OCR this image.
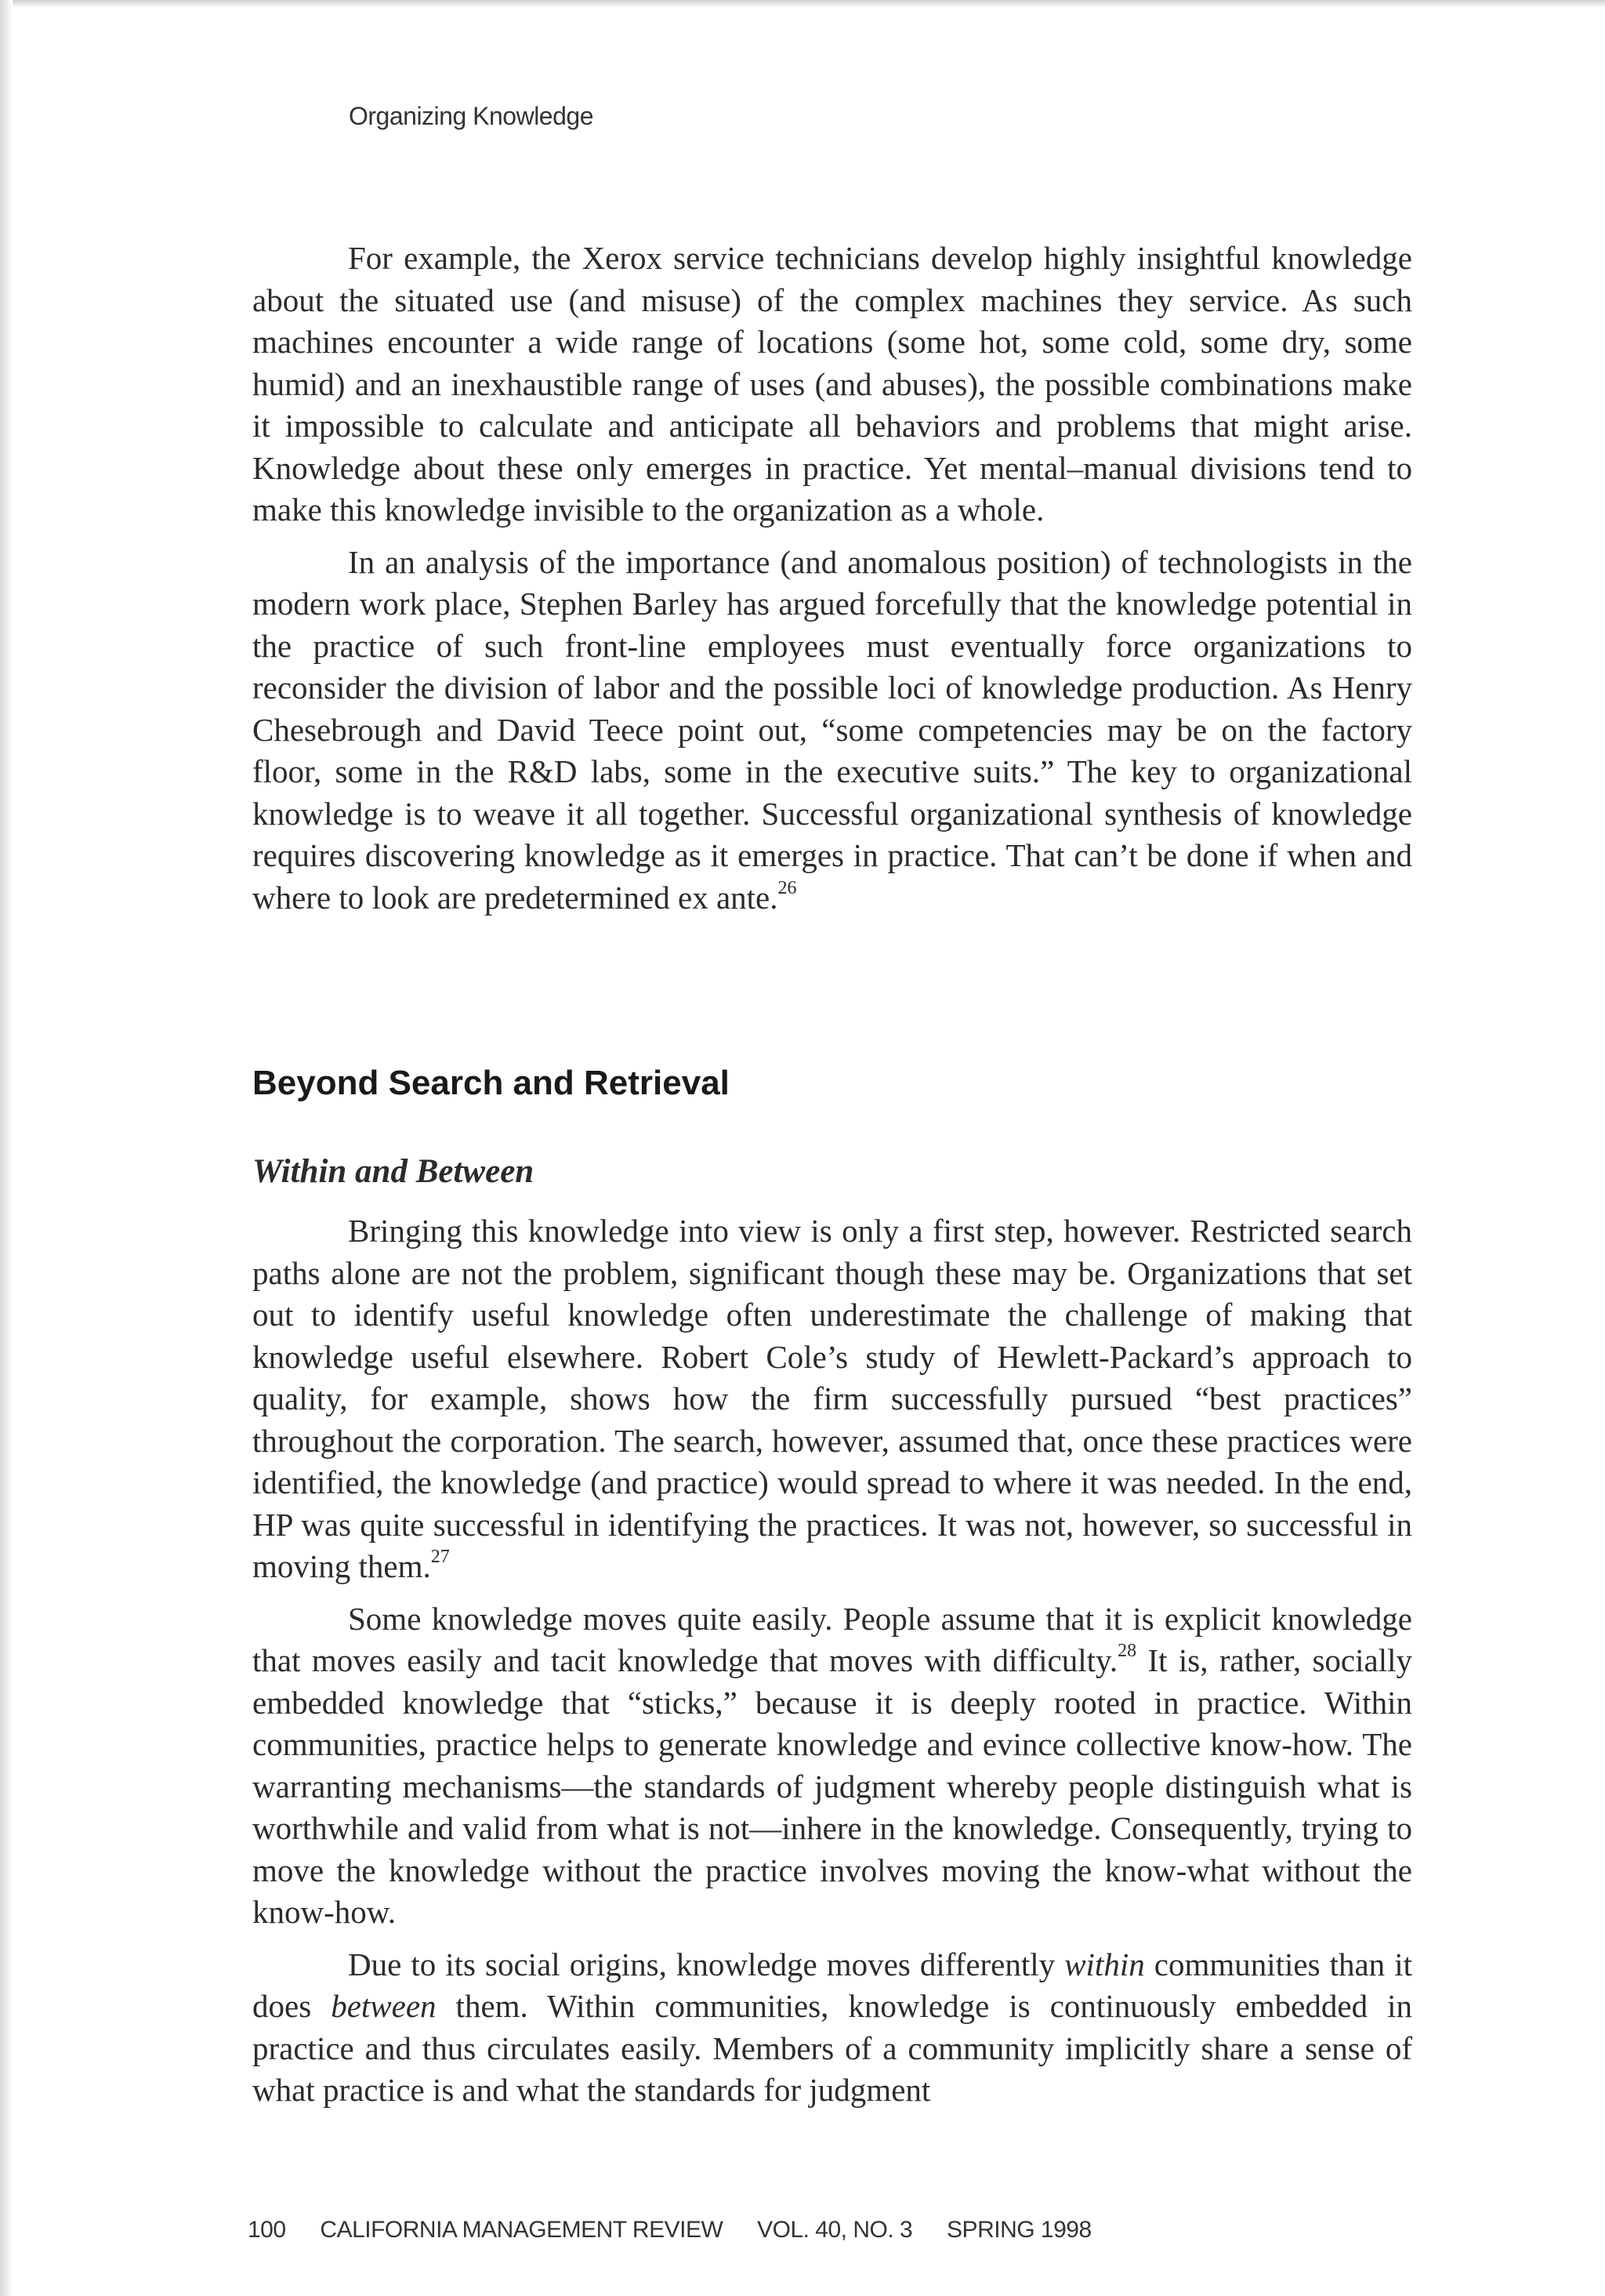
Organizing Knowledge

For example, the Xerox service technicians develop highly insightful knowledge about the situated use (and misuse) of the complex machines they service. As such machines encounter a wide range of locations (some hot, some cold, some dry, some humid) and an inexhaustible range of uses (and abuses), the possible combinations make it impossible to calculate and anticipate all behaviors and problems that might arise. Knowledge about these only emerges in practice. Yet mental–manual divisions tend to make this knowledge invisible to the organization as a whole.

In an analysis of the importance (and anomalous position) of technologists in the modern work place, Stephen Barley has argued forcefully that the knowledge potential in the practice of such front-line employees must eventually force organizations to reconsider the division of labor and the possible loci of knowledge production. As Henry Chesebrough and David Teece point out, “some competencies may be on the factory floor, some in the R&D labs, some in the executive suits.” The key to organizational knowledge is to weave it all together. Successful organizational synthesis of knowledge requires discovering knowledge as it emerges in practice. That can’t be done if when and where to look are predetermined ex ante.$^{26}$

Beyond Search and Retrieval
Within and Between

Bringing this knowledge into view is only a first step, however. Restricted search paths alone are not the problem, significant though these may be. Organizations that set out to identify useful knowledge often underestimate the challenge of making that knowledge useful elsewhere. Robert Cole’s study of Hewlett-Packard’s approach to quality, for example, shows how the firm successfully pursued “best practices” throughout the corporation. The search, however, assumed that, once these practices were identified, the knowledge (and practice) would spread to where it was needed. In the end, HP was quite successful in identifying the practices. It was not, however, so successful in moving them.$^{27}$

Some knowledge moves quite easily. People assume that it is explicit knowledge that moves easily and tacit knowledge that moves with difficulty.$^{28}$ It is, rather, socially embedded knowledge that “sticks,” because it is deeply rooted in practice. Within communities, practice helps to generate knowledge and evince collective know-how. The warranting mechanisms—the standards of judgment whereby people distinguish what is worthwhile and valid from what is not—inhere in the knowledge. Consequently, trying to move the knowledge without the practice involves moving the know-what without the know-how.

Due to its social origins, knowledge moves differently within communities than it does between them. Within communities, knowledge is continuously embedded in practice and thus circulates easily. Members of a community implicitly share a sense of what practice is and what the standards for judgment

100 CALIFORNIA MANAGEMENT REVIEW VOL. 40, NO. 3 SPRING 1998
